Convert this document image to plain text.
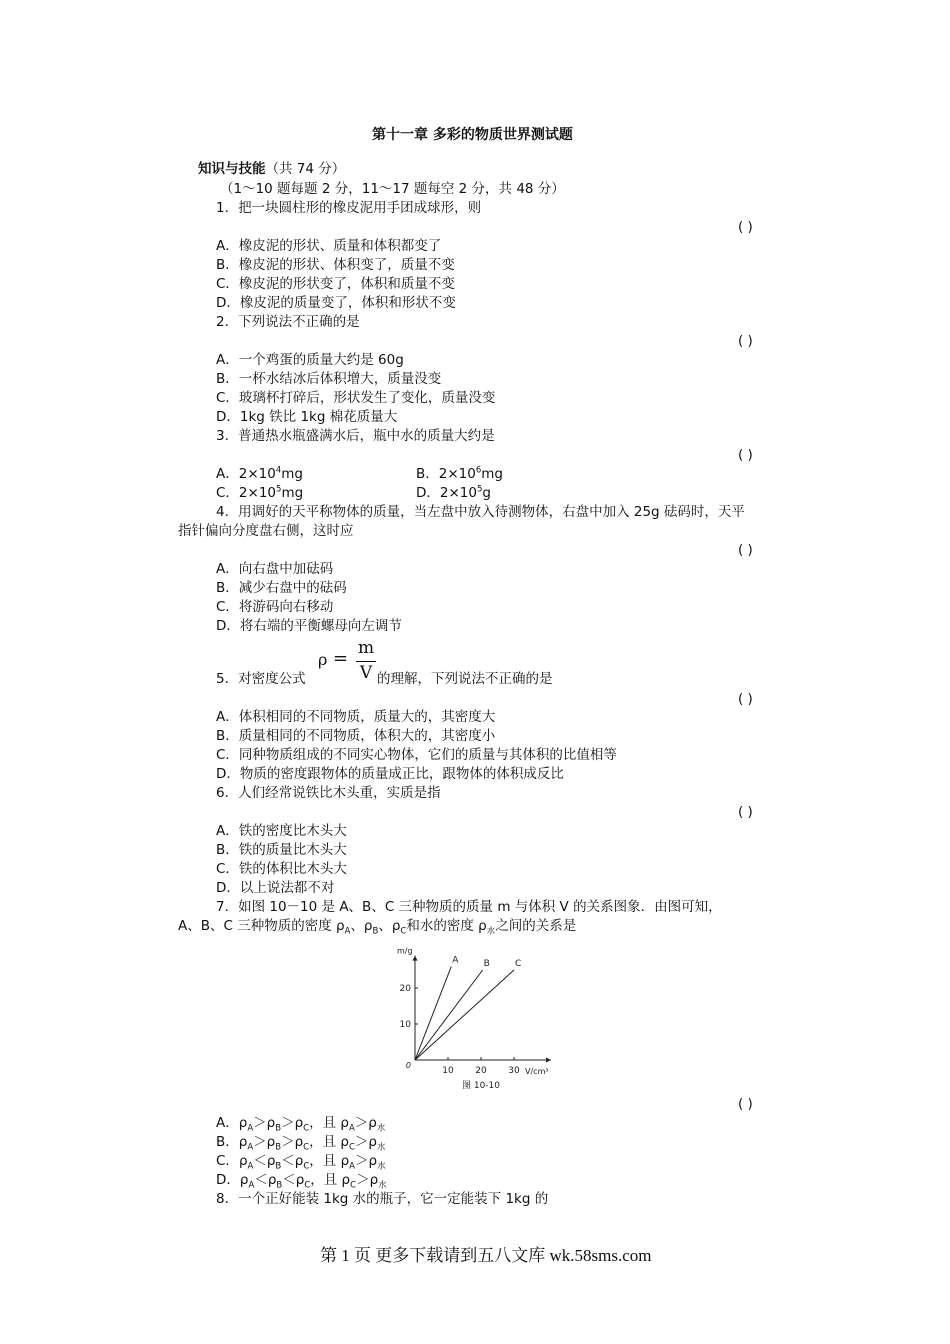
第十一章 多彩的物质世界测试题
知识与技能（共 74 分）
（1～10 题每题 2 分，11～17 题每空 2 分，共 48 分）
1．把一块圆柱形的橡皮泥用手团成球形，则
( )
A．橡皮泥的形状、质量和体积都变了
B．橡皮泥的形状、体积变了，质量不变
C．橡皮泥的形状变了，体积和质量不变
D．橡皮泥的质量变了，体积和形状不变
2．下列说法不正确的是
( )
A．一个鸡蛋的质量大约是 60g
B．一杯水结冰后体积增大，质量没变
C．玻璃杯打碎后，形状发生了变化，质量没变
D．1kg 铁比 1kg 棉花质量大
3．普通热水瓶盛满水后，瓶中水的质量大约是
( )
A．$2\times 10^4mg$	B．$2\times 10^6mg$
C．$2\times 10^5mg$	D．$2\times 10^5g$
4．用调好的天平称物体的质量，当左盘中放入待测物体，右盘中加入 25g 砝码时，天平
指针偏向分度盘右侧，这时应
( )
A．向右盘中加砝码
B．减少右盘中的砝码
C．将游码向右移动
D．将右端的平衡螺母向左调节
5．对密度公式
ρ = m
V 的理解，下列说法不正确的是
( )
A．体积相同的不同物质，质量大的，其密度大
B．质量相同的不同物质，体积大的，其密度小
C．同种物质组成的不同实心物体，它们的质量与其体积的比值相等
D．物质的密度跟物体的质量成正比，跟物体的体积成反比
6．人们经常说铁比木头重，实质是指
( )
A．铁的密度比木头大
B．铁的质量比木头大
C．铁的体积比木头大
D．以上说法都不对
7．如图 10－10 是 A、B、C 三种物质的质量 m 与体积 V 的关系图象．由图可知，
A、B、C 三种物质的密度 $\rho_A$、$\rho_B$、$\rho_C$和水的密度 $\rho_水$之间的关系是
10 20 30
10
20
0
m/g
V/cm³
图 10-10
A	B	C
( )
A．$\rho_A>\rho_B>\rho_C$，且 $\rho_A>\rho_水$
B．$\rho_A>\rho_B>\rho_C$，且 $\rho_C>\rho_水$
C．$\rho_A<\rho_B<\rho_C$，且 $\rho_A>\rho_水$
D．$\rho_A<\rho_B<\rho_C$，且 $\rho_C>\rho_水$
8．一个正好能装 1kg 水的瓶子，它一定能装下 1kg 的
第 1 页 更多下载请到五八文库 wk.58sms.com
